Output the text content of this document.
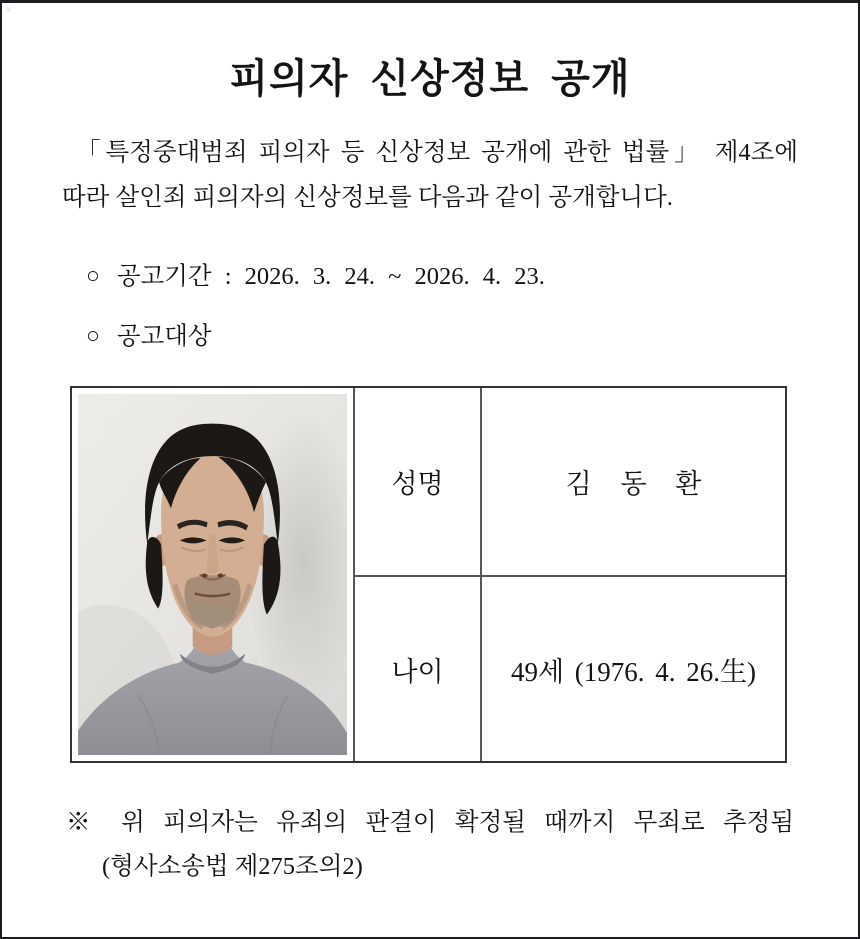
×
피의자 신상정보 공개
「특정중대범죄 피의자 등 신상정보 공개에 관한 법률」 제4조에
따라 살인죄 피의자의 신상정보를 다음과 같이 공개합니다.
○ 공고기간 : 2026. 3. 24. ~ 2026. 4. 23.
○ 공고대상
성명	김 동 환
나이	49세 (1976. 4. 26.生)
※ 위 피의자는 유죄의 판결이 확정될 때까지 무죄로 추정됨
(형사소송법 제275조의2)
